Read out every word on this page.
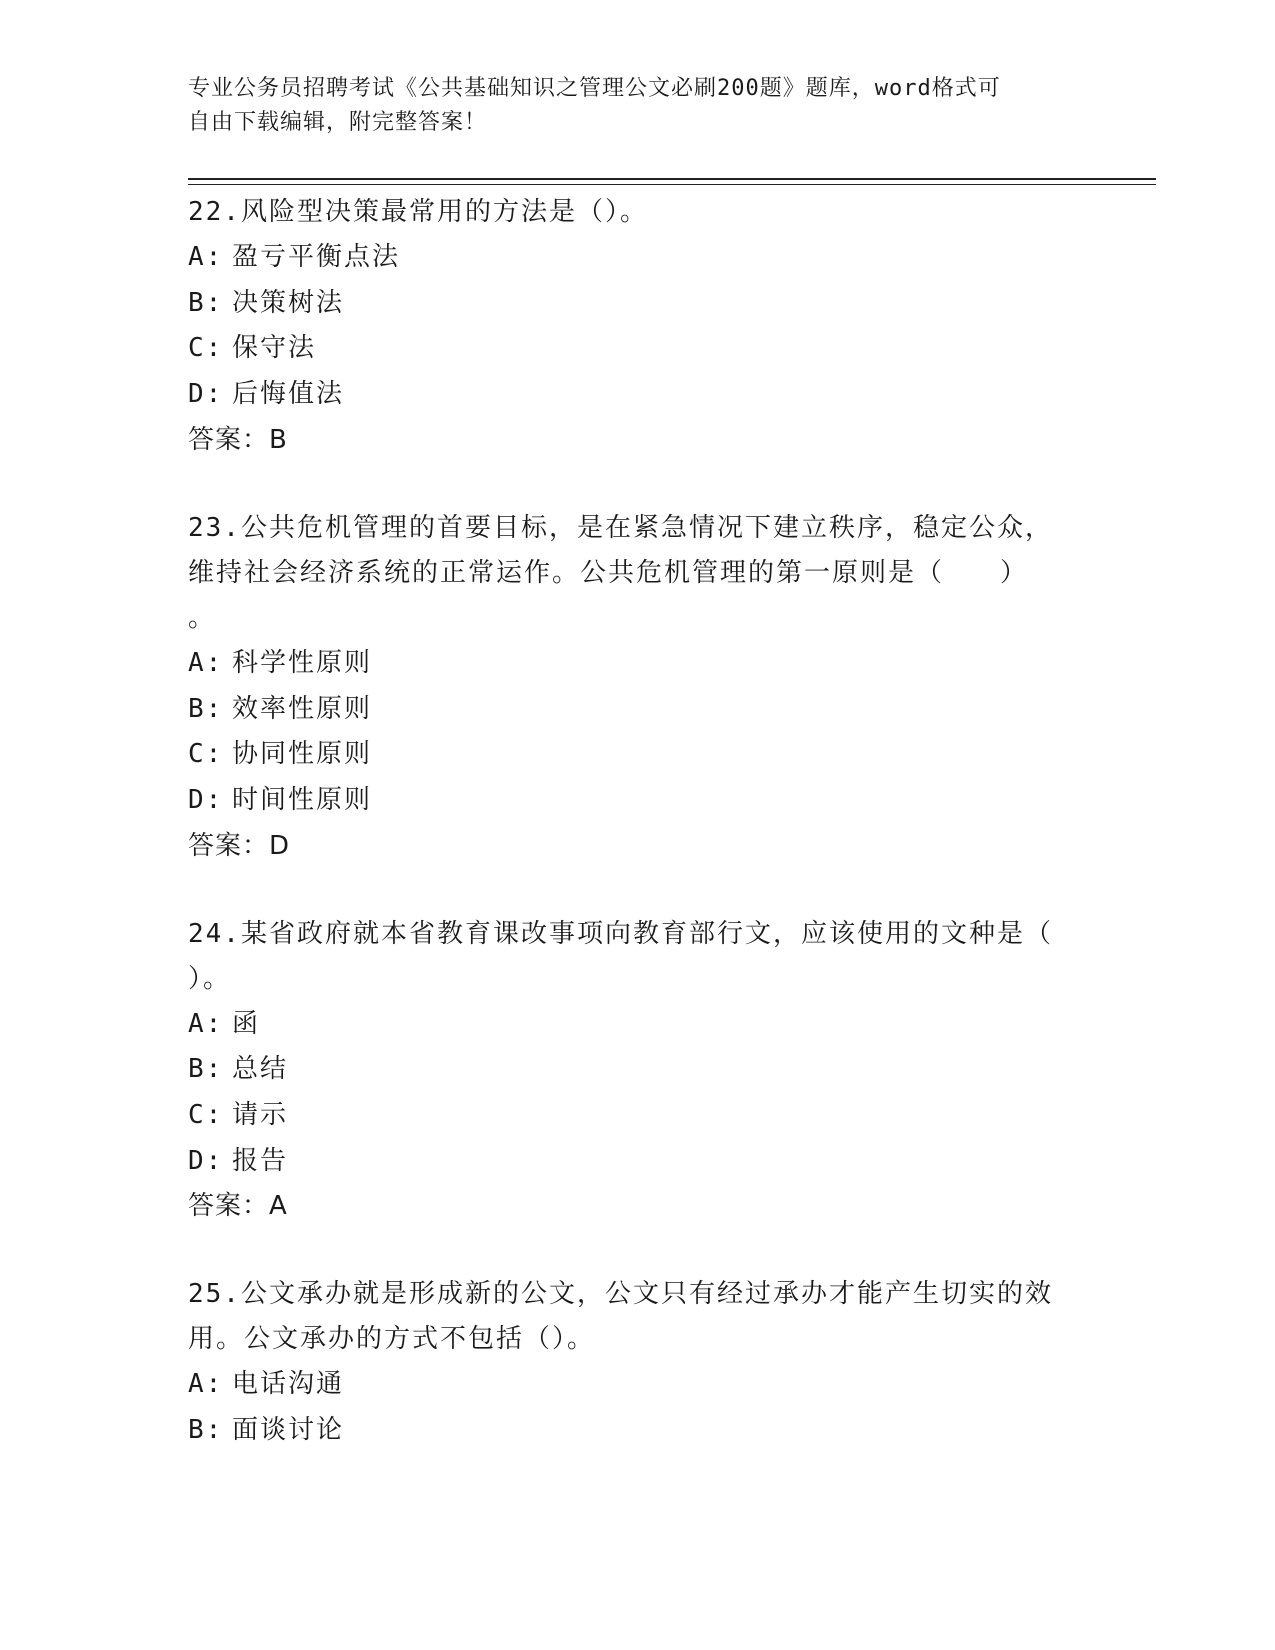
专业公务员招聘考试《公共基础知识之管理公文必刷200题》题库，word格式可
自由下载编辑，附完整答案！
22.风险型决策最常用的方法是（）。
A: 盈亏平衡点法
B: 决策树法
C: 保守法
D: 后悔值法
答案：B
23.公共危机管理的首要目标，是在紧急情况下建立秩序，稳定公众，
维持社会经济系统的正常运作。公共危机管理的第一原则是（　　）
。
A: 科学性原则
B: 效率性原则
C: 协同性原则
D: 时间性原则
答案：D
24.某省政府就本省教育课改事项向教育部行文，应该使用的文种是（
）。
A: 函
B: 总结
C: 请示
D: 报告
答案：A
25.公文承办就是形成新的公文，公文只有经过承办才能产生切实的效
用。公文承办的方式不包括（）。
A: 电话沟通
B: 面谈讨论
